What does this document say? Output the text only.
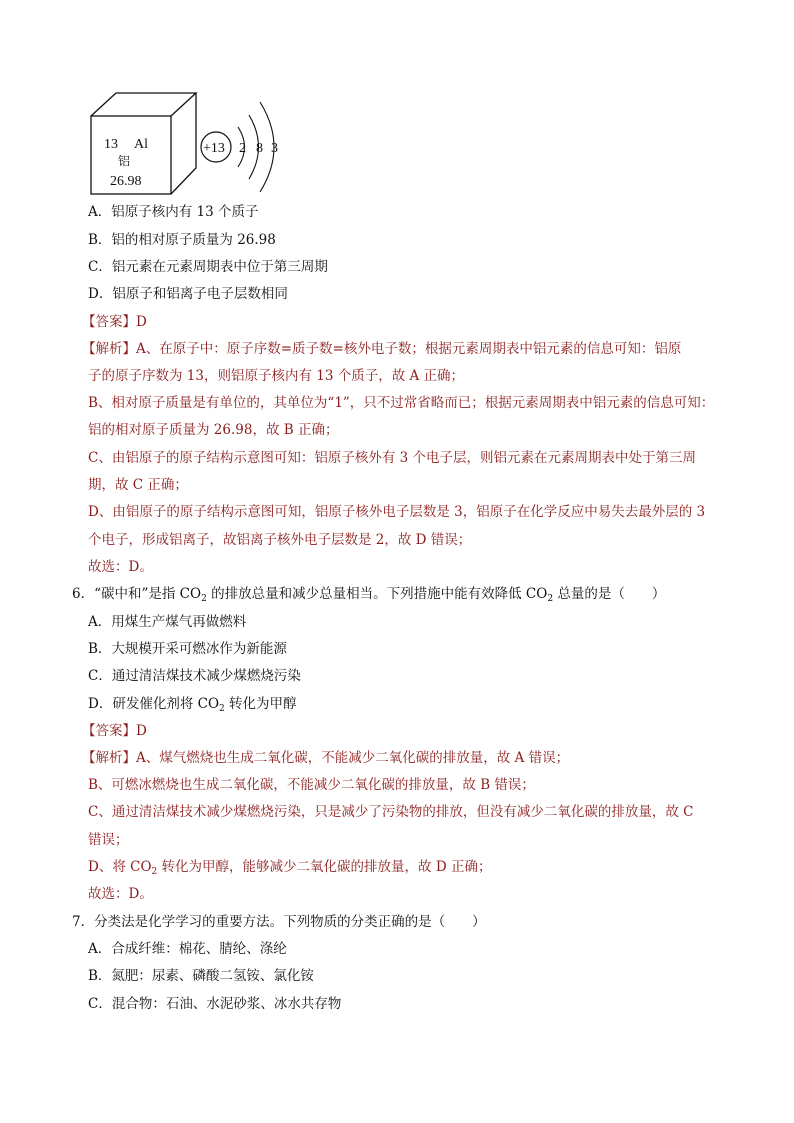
13 Al
铝
26.98
+13 2 8 3
A．铝原子核内有 13 个质子
B．铝的相对原子质量为 26.98
C．铝元素在元素周期表中位于第三周期
D．铝原子和铝离子电子层数相同
【答案】D
【解析】A、在原子中：原子序数=质子数=核外电子数；根据元素周期表中铝元素的信息可知：铝原
子的原子序数为 13，则铝原子核内有 13 个质子，故 A 正确；
B、相对原子质量是有单位的，其单位为“1”，只不过常省略而已；根据元素周期表中铝元素的信息可知：
铝的相对原子质量为 26.98，故 B 正确；
C、由铝原子的原子结构示意图可知：铝原子核外有 3 个电子层，则铝元素在元素周期表中处于第三周
期，故 C 正确；
D、由铝原子的原子结构示意图可知，铝原子核外电子层数是 3，铝原子在化学反应中易失去最外层的 3
个电子，形成铝离子，故铝离子核外电子层数是 2，故 D 错误；
故选：D。
6．“碳中和”是指 $CO_2$ 的排放总量和减少总量相当。下列措施中能有效降低 $CO_2$ 总量的是（　　）
A．用煤生产煤气再做燃料
B．大规模开采可燃冰作为新能源
C．通过清洁煤技术减少煤燃烧污染
D．研发催化剂将 $CO_2$ 转化为甲醇
【答案】D
【解析】A、煤气燃烧也生成二氧化碳，不能减少二氧化碳的排放量，故 A 错误；
B、可燃冰燃烧也生成二氧化碳，不能减少二氧化碳的排放量，故 B 错误；
C、通过清洁煤技术减少煤燃烧污染，只是减少了污染物的排放，但没有减少二氧化碳的排放量，故 C
错误；
D、将 $CO_2$ 转化为甲醇，能够减少二氧化碳的排放量，故 D 正确；
故选：D。
7．分类法是化学学习的重要方法。下列物质的分类正确的是（　　）
A．合成纤维：棉花、腈纶、涤纶
B．氮肥：尿素、磷酸二氢铵、氯化铵
C．混合物：石油、水泥砂浆、冰水共存物
